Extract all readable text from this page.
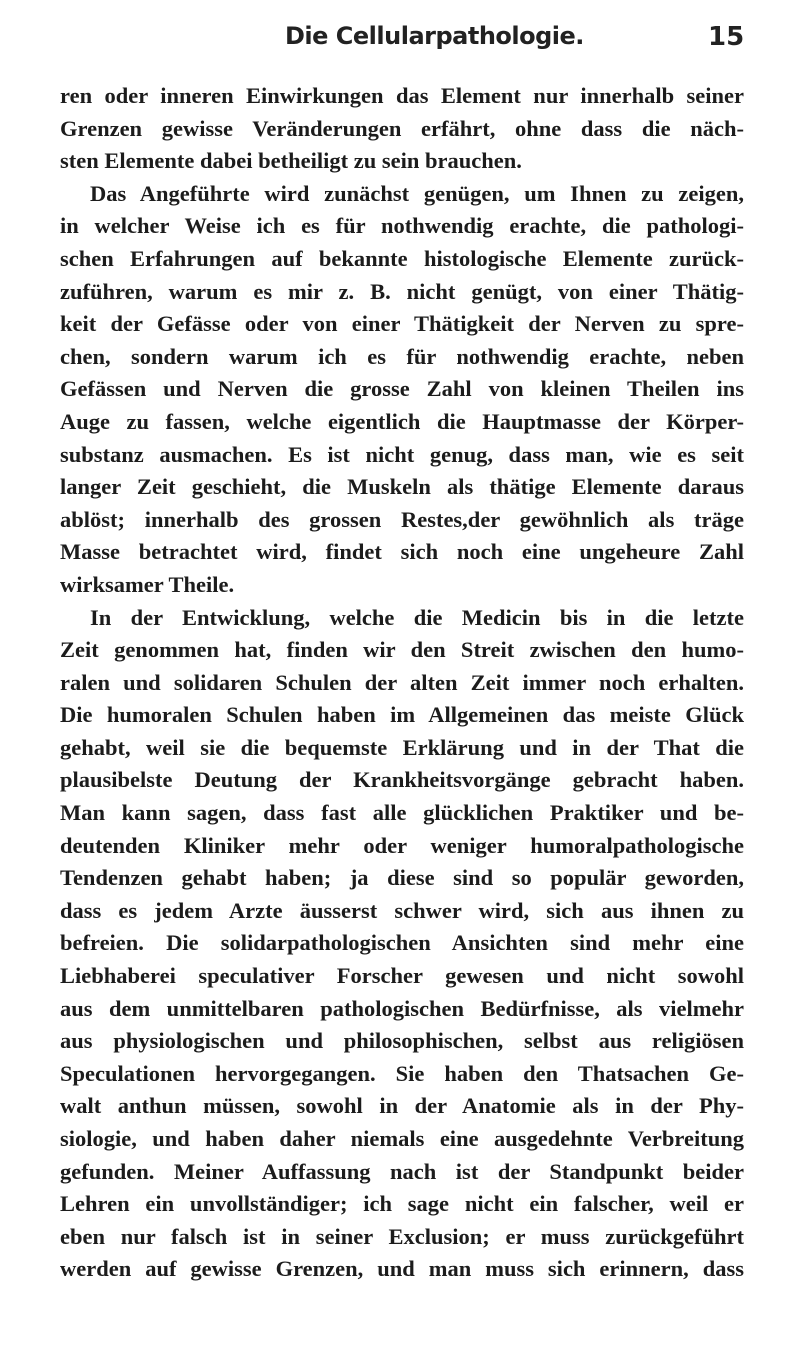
Die Cellularpathologie.	15
ren oder inneren Einwirkungen das Element nur innerhalb seiner
Grenzen gewisse Veränderungen erfährt, ohne dass die näch-
sten Elemente dabei betheiligt zu sein brauchen.
Das Angeführte wird zunächst genügen, um Ihnen zu zeigen,
in welcher Weise ich es für nothwendig erachte, die pathologi-
schen Erfahrungen auf bekannte histologische Elemente zurück-
zuführen, warum es mir z. B. nicht genügt, von einer Thätig-
keit der Gefässe oder von einer Thätigkeit der Nerven zu spre-
chen, sondern warum ich es für nothwendig erachte, neben
Gefässen und Nerven die grosse Zahl von kleinen Theilen ins
Auge zu fassen, welche eigentlich die Hauptmasse der Körper-
substanz ausmachen. Es ist nicht genug, dass man, wie es seit
langer Zeit geschieht, die Muskeln als thätige Elemente daraus
ablöst; innerhalb des grossen Restes,der gewöhnlich als träge
Masse betrachtet wird, findet sich noch eine ungeheure Zahl
wirksamer Theile.
In der Entwicklung, welche die Medicin bis in die letzte
Zeit genommen hat, finden wir den Streit zwischen den humo-
ralen und solidaren Schulen der alten Zeit immer noch erhalten.
Die humoralen Schulen haben im Allgemeinen das meiste Glück
gehabt, weil sie die bequemste Erklärung und in der That die
plausibelste Deutung der Krankheitsvorgänge gebracht haben.
Man kann sagen, dass fast alle glücklichen Praktiker und be-
deutenden Kliniker mehr oder weniger humoralpathologische
Tendenzen gehabt haben; ja diese sind so populär geworden,
dass es jedem Arzte äusserst schwer wird, sich aus ihnen zu
befreien. Die solidarpathologischen Ansichten sind mehr eine
Liebhaberei speculativer Forscher gewesen und nicht sowohl
aus dem unmittelbaren pathologischen Bedürfnisse, als vielmehr
aus physiologischen und philosophischen, selbst aus religiösen
Speculationen hervorgegangen. Sie haben den Thatsachen Ge-
walt anthun müssen, sowohl in der Anatomie als in der Phy-
siologie, und haben daher niemals eine ausgedehnte Verbreitung
gefunden. Meiner Auffassung nach ist der Standpunkt beider
Lehren ein unvollständiger; ich sage nicht ein falscher, weil er
eben nur falsch ist in seiner Exclusion; er muss zurückgeführt
werden auf gewisse Grenzen, und man muss sich erinnern, dass
